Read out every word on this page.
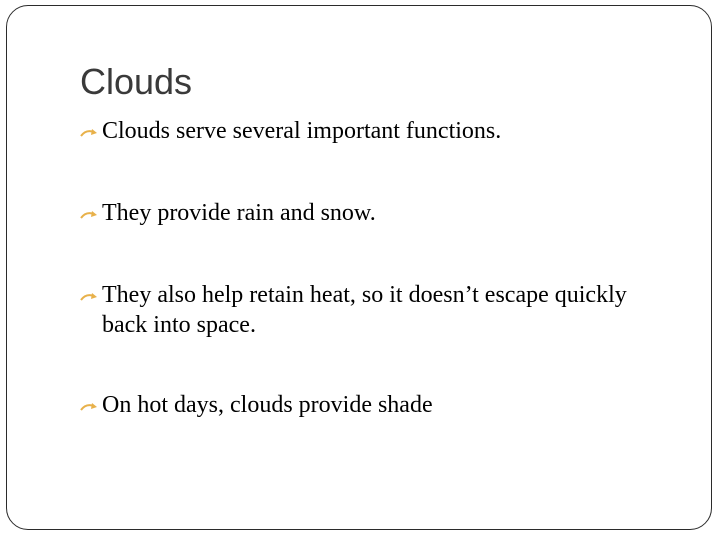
Clouds
Clouds serve several important functions.
They provide rain and snow.
They also help retain heat, so it doesn’t escape quickly back into space.
On hot days, clouds provide shade
